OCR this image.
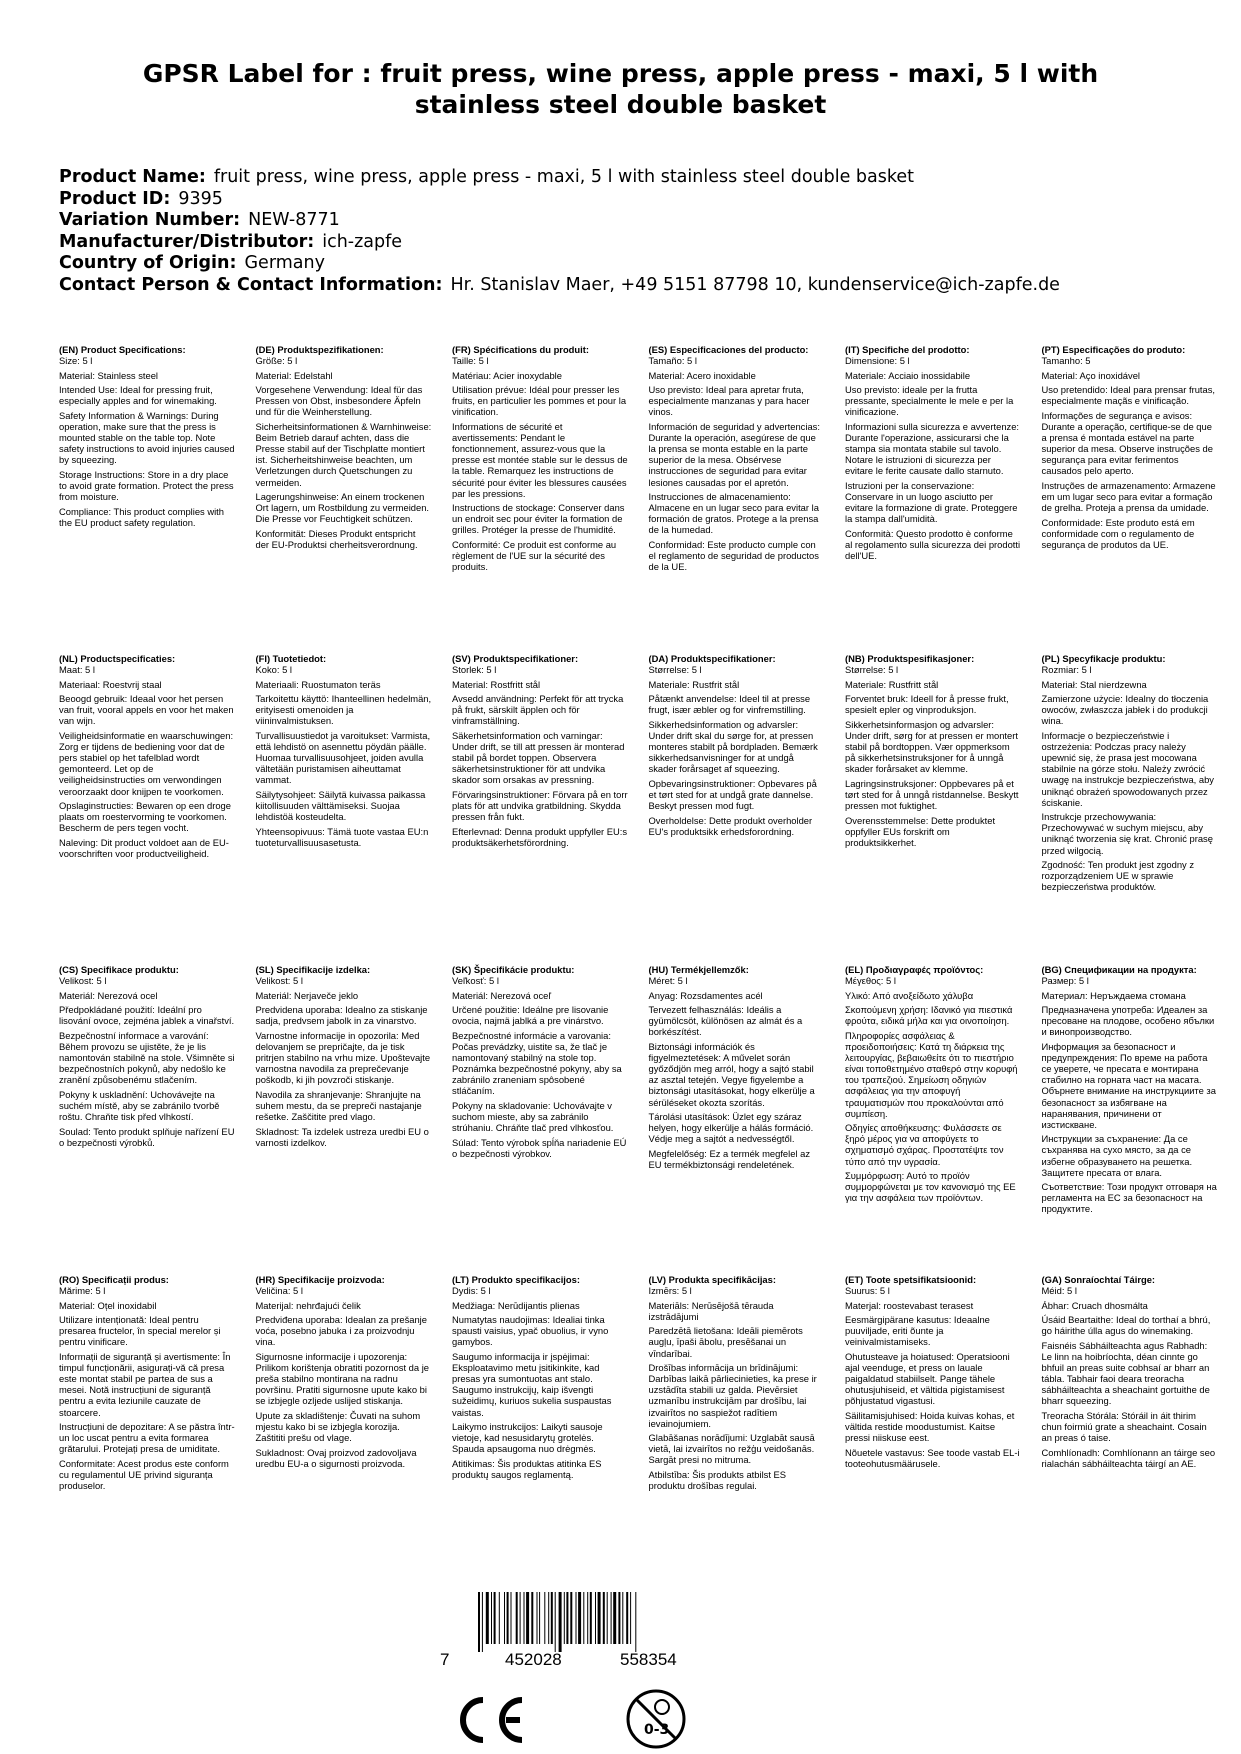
GPSR Label for : fruit press, wine press, apple press - maxi, 5 l with stainless steel double basket
Product Name: fruit press, wine press, apple press - maxi, 5 l with stainless steel double basket
Product ID: 9395
Variation Number: NEW-8771
Manufacturer/Distributor: ich-zapfe
Country of Origin: Germany
Contact Person & Contact Information: Hr. Stanislav Maer, +49 5151 87798 10, kundenservice@ich-zapfe.de
(EN) Product Specifications:

Size: 5 l

Material: Stainless steel

Intended Use: Ideal for pressing fruit, especially apples and for winemaking.

Safety Information & Warnings: During operation, make sure that the press is mounted stable on the table top. Note safety instructions to avoid injuries caused by squeezing.

Storage Instructions: Store in a dry place to avoid grate formation. Protect the press from moisture.

Compliance: This product complies with the EU product safety regulation.

(DE) Produktspezifikationen:

Größe: 5 l

Material: Edelstahl

Vorgesehene Verwendung: Ideal für das Pressen von Obst, insbesondere Äpfeln und für die Weinherstellung.

Sicherheitsinformationen & Warnhinweise: Beim Betrieb darauf achten, dass die Presse stabil auf der Tischplatte montiert ist. Sicherheitshinweise beachten, um Verletzungen durch Quetschungen zu vermeiden.

Lagerungshinweise: An einem trockenen Ort lagern, um Rostbildung zu vermeiden. Die Presse vor Feuchtigkeit schützen.

Konformität: Dieses Produkt entspricht der EU-Produktsi cherheitsverordnung.

(FR) Spécifications du produit:

Taille: 5 l

Matériau: Acier inoxydable

Utilisation prévue: Idéal pour presser les fruits, en particulier les pommes et pour la vinification.

Informations de sécurité et avertissements: Pendant le fonctionnement, assurez-vous que la presse est montée stable sur le dessus de la table. Remarquez les instructions de sécurité pour éviter les blessures causées par les pressions.

Instructions de stockage: Conserver dans un endroit sec pour éviter la formation de grilles. Protéger la presse de l'humidité.

Conformité: Ce produit est conforme au règlement de l'UE sur la sécurité des produits.

(ES) Especificaciones del producto:

Tamaño: 5 l

Material: Acero inoxidable

Uso previsto: Ideal para apretar fruta, especialmente manzanas y para hacer vinos.

Información de seguridad y advertencias: Durante la operación, asegúrese de que la prensa se monta estable en la parte superior de la mesa. Obsérvese instrucciones de seguridad para evitar lesiones causadas por el apretón.

Instrucciones de almacenamiento: Almacene en un lugar seco para evitar la formación de gratos. Protege a la prensa de la humedad.

Conformidad: Este producto cumple con el reglamento de seguridad de productos de la UE.

(IT) Specifiche del prodotto:

Dimensione: 5 l

Materiale: Acciaio inossidabile

Uso previsto: ideale per la frutta pressante, specialmente le mele e per la vinificazione.

Informazioni sulla sicurezza e avvertenze: Durante l'operazione, assicurarsi che la stampa sia montata stabile sul tavolo. Notare le istruzioni di sicurezza per evitare le ferite causate dallo starnuto.

Istruzioni per la conservazione: Conservare in un luogo asciutto per evitare la formazione di grate. Proteggere la stampa dall'umidità.

Conformità: Questo prodotto è conforme al regolamento sulla sicurezza dei prodotti dell'UE.

(PT) Especificações do produto:

Tamanho: 5

Material: Aço inoxidável

Uso pretendido: Ideal para prensar frutas, especialmente maçãs e vinificação.

Informações de segurança e avisos: Durante a operação, certifique-se de que a prensa é montada estável na parte superior da mesa. Observe instruções de segurança para evitar ferimentos causados pelo aperto.

Instruções de armazenamento: Armazene em um lugar seco para evitar a formação de grelha. Proteja a prensa da umidade.

Conformidade: Este produto está em conformidade com o regulamento de segurança de produtos da UE.

(NL) Productspecificaties:

Maat: 5 l

Materiaal: Roestvrij staal

Beoogd gebruik: Ideaal voor het persen van fruit, vooral appels en voor het maken van wijn.

Veiligheidsinformatie en waarschuwingen: Zorg er tijdens de bediening voor dat de pers stabiel op het tafelblad wordt gemonteerd. Let op de veiligheidsinstructies om verwondingen veroorzaakt door knijpen te voorkomen.

Opslaginstructies: Bewaren op een droge plaats om roestervorming te voorkomen. Bescherm de pers tegen vocht.

Naleving: Dit product voldoet aan de EU-voorschriften voor productveiligheid.

(FI) Tuotetiedot:

Koko: 5 l

Materiaali: Ruostumaton teräs

Tarkoitettu käyttö: Ihanteellinen hedelmän, erityisesti omenoiden ja viininvalmistuksen.

Turvallisuustiedot ja varoitukset: Varmista, että lehdistö on asennettu pöydän päälle. Huomaa turvallisuusohjeet, joiden avulla vältetään puristamisen aiheuttamat vammat.

Säilytysohjeet: Säilytä kuivassa paikassa kiitollisuuden välttämiseksi. Suojaa lehdistöä kosteudelta.

Yhteensopivuus: Tämä tuote vastaa EU:n tuoteturvallisuusasetusta.

(SV) Produktspecifikationer:

Storlek: 5 l

Material: Rostfritt stål

Avsedd användning: Perfekt för att trycka på frukt, särskilt äpplen och för vinframställning.

Säkerhetsinformation och varningar: Under drift, se till att pressen är monterad stabil på bordet toppen. Observera säkerhetsinstruktioner för att undvika skador som orsakas av pressning.

Förvaringsinstruktioner: Förvara på en torr plats för att undvika gratbildning. Skydda pressen från fukt.

Efterlevnad: Denna produkt uppfyller EU:s produktsäkerhetsförordning.

(DA) Produktspecifikationer:

Størrelse: 5 l

Materiale: Rustfrit stål

Påtænkt anvendelse: Ideel til at presse frugt, især æbler og for vinfremstilling.

Sikkerhedsinformation og advarsler: Under drift skal du sørge for, at pressen monteres stabilt på bordpladen. Bemærk sikkerhedsanvisninger for at undgå skader forårsaget af squeezing.

Opbevaringsinstruktioner: Opbevares på et tørt sted for at undgå grate dannelse. Beskyt pressen mod fugt.

Overholdelse: Dette produkt overholder EU's produktsikk erhedsforordning.

(NB) Produktspesifikasjoner:

Størrelse: 5 l

Materiale: Rustfritt stål

Forventet bruk: Ideell for å presse frukt, spesielt epler og vinproduksjon.

Sikkerhetsinformasjon og advarsler: Under drift, sørg for at pressen er montert stabil på bordtoppen. Vær oppmerksom på sikkerhetsinstruksjoner for å unngå skader forårsaket av klemme.

Lagringsinstruksjoner: Oppbevares på et tørt sted for å unngå ristdannelse. Beskytt pressen mot fuktighet.

Overensstemmelse: Dette produktet oppfyller EUs forskrift om produktsikkerhet.

(PL) Specyfikacje produktu:

Rozmiar: 5 l

Materiał: Stal nierdzewna

Zamierzone użycie: Idealny do tłoczenia owoców, zwłaszcza jabłek i do produkcji wina.

Informacje o bezpieczeństwie i ostrzeżenia: Podczas pracy należy upewnić się, że prasa jest mocowana stabilnie na górze stołu. Należy zwrócić uwagę na instrukcje bezpieczeństwa, aby uniknąć obrażeń spowodowanych przez ściskanie.

Instrukcje przechowywania: Przechowywać w suchym miejscu, aby uniknąć tworzenia się krat. Chronić prasę przed wilgocią.

Zgodność: Ten produkt jest zgodny z rozporządzeniem UE w sprawie bezpieczeństwa produktów.

(CS) Specifikace produktu:

Velikost: 5 l

Materiál: Nerezová ocel

Předpokládané použití: Ideální pro lisování ovoce, zejména jablek a vinařství.

Bezpečnostní informace a varování: Během provozu se ujistěte, že je lis namontován stabilně na stole. Všimněte si bezpečnostních pokynů, aby nedošlo ke zranění způsobenému stlačením.

Pokyny k uskladnění: Uchovávejte na suchém místě, aby se zabránilo tvorbě roštu. Chraňte tisk před vlhkostí.

Soulad: Tento produkt splňuje nařízení EU o bezpečnosti výrobků.

(SL) Specifikacije izdelka:

Velikost: 5 l

Materiál: Nerjaveče jeklo

Predvidena uporaba: Idealno za stiskanje sadja, predvsem jabolk in za vinarstvo.

Varnostne informacije in opozorila: Med delovanjem se prepričajte, da je tisk pritrjen stabilno na vrhu mize. Upoštevajte varnostna navodila za preprečevanje poškodb, ki jih povzroči stiskanje.

Navodila za shranjevanje: Shranjujte na suhem mestu, da se prepreči nastajanje rešetke. Zaščitite pred vlago.

Skladnost: Ta izdelek ustreza uredbi EU o varnosti izdelkov.

(SK) Špecifikácie produktu:

Veľkosť: 5 l

Materiál: Nerezová oceľ

Určené použitie: Ideálne pre lisovanie ovocia, najmä jablká a pre vinárstvo.

Bezpečnostné informácie a varovania: Počas prevádzky, uistite sa, že tlač je namontovaný stabilný na stole top. Poznámka bezpečnostné pokyny, aby sa zabránilo zraneniam spôsobené stláčaním.

Pokyny na skladovanie: Uchovávajte v suchom mieste, aby sa zabránilo strúhaniu. Chráňte tlač pred vlhkosťou.

Súlad: Tento výrobok spĺňa nariadenie EÚ o bezpečnosti výrobkov.

(HU) Termékjellemzők:

Méret: 5 l

Anyag: Rozsdamentes acél

Tervezett felhasználás: Ideális a gyümölcsöt, különösen az almát és a borkészítést.

Biztonsági információk és figyelmeztetések: A művelet során győződjön meg arról, hogy a sajtó stabil az asztal tetején. Vegye figyelembe a biztonsági utasításokat, hogy elkerülje a sérüléseket okozta szorítás.

Tárolási utasítások: Üzlet egy száraz helyen, hogy elkerülje a hálás formáció. Védje meg a sajtót a nedvességtől.

Megfelelőség: Ez a termék megfelel az EU termékbiztonsági rendeletének.

(EL) Προδιαγραφές προϊόντος:

Μέγεθος: 5 l

Υλικό: Από ανοξείδωτο χάλυβα

Σκοπούμενη χρήση: Ιδανικό για πιεστικά φρούτα, ειδικά μήλα και για οινοποίηση.

Πληροφορίες ασφάλειας & προειδοποιήσεις: Κατά τη διάρκεια της λειτουργίας, βεβαιωθείτε ότι το πιεστήριο είναι τοποθετημένο σταθερό στην κορυφή του τραπεζιού. Σημείωση οδηγιών ασφάλειας για την αποφυγή τραυματισμών που προκαλούνται από συμπίεση.

Οδηγίες αποθήκευσης: Φυλάσσετε σε ξηρό μέρος για να αποφύγετε το σχηματισμό σχάρας. Προστατέψτε τον τύπο από την υγρασία.

Συμμόρφωση: Αυτό το προϊόν συμμορφώνεται με τον κανονισμό της ΕΕ για την ασφάλεια των προϊόντων.

(BG) Спецификации на продукта:

Размер: 5 l

Материал: Неръждаема стомана

Предназначена употреба: Идеален за пресоване на плодове, особено ябълки и винопроизводство.

Информация за безопасност и предупреждения: По време на работа се уверете, че пресата е монтирана стабилно на горната част на масата. Обърнете внимание на инструкциите за безопасност за избягване на наранявания, причинени от изстискване.

Инструкции за съхранение: Да се съхранява на сухо място, за да се избегне образуването на решетка. Защитете пресата от влага.

Съответствие: Този продукт отговаря на регламента на ЕС за безопасност на продуктите.

(RO) Specificații produs:

Mărime: 5 l

Material: Oțel inoxidabil

Utilizare intenționată: Ideal pentru presarea fructelor, în special merelor și pentru vinificare.

Informații de siguranță și avertismente: În timpul funcționării, asigurați-vă că presa este montat stabil pe partea de sus a mesei. Notă instrucțiuni de siguranță pentru a evita leziunile cauzate de stoarcere.

Instrucțiuni de depozitare: A se păstra într-un loc uscat pentru a evita formarea grătarului. Protejați presa de umiditate.

Conformitate: Acest produs este conform cu regulamentul UE privind siguranța produselor.

(HR) Specifikacije proizvoda:

Veličina: 5 l

Materijal: nehrđajući čelik

Predviđena uporaba: Idealan za prešanje voća, posebno jabuka i za proizvodnju vina.

Sigurnosne informacije i upozorenja: Prilikom korištenja obratiti pozornost da je preša stabilno montirana na radnu površinu. Pratiti sigurnosne upute kako bi se izbjegle ozljede uslijed stiskanja.

Upute za skladištenje: Čuvati na suhom mjestu kako bi se izbjegla korozija. Zaštititi prešu od vlage.

Sukladnost: Ovaj proizvod zadovoljava uredbu EU-a o sigurnosti proizvoda.

(LT) Produkto specifikacijos:

Dydis: 5 l

Medžiaga: Nerūdijantis plienas

Numatytas naudojimas: Idealiai tinka spausti vaisius, ypač obuolius, ir vyno gamybos.

Saugumo informacija ir įspėjimai: Eksploatavimo metu įsitikinkite, kad presas yra sumontuotas ant stalo. Saugumo instrukcijų, kaip išvengti sužeidimų, kuriuos sukelia suspaustas vaistas.

Laikymo instrukcijos: Laikyti sausoje vietoje, kad nesusidarytų grotelės. Spauda apsaugoma nuo drėgmės.

Atitikimas: Šis produktas atitinka ES produktų saugos reglamentą.

(LV) Produkta specifikācijas:

Izmērs: 5 l

Materiāls: Nerūsējošā tērauda izstrādājumi

Paredzētā lietošana: Ideāli piemērots augļu, īpaši ābolu, presēšanai un vīndarībai.

Drošības informācija un brīdinājumi: Darbības laikā pārliecinieties, ka prese ir uzstādīta stabili uz galda. Pievērsiet uzmanību instrukcijām par drošību, lai izvairītos no saspiežot radītiem ievainojumiem.

Glabāšanas norādījumi: Uzglabāt sausā vietā, lai izvairītos no režģu veidošanās. Sargāt presi no mitruma.

Atbilstība: Šis produkts atbilst ES produktu drošības regulai.

(ET) Toote spetsifikatsioonid:

Suurus: 5 l

Materjal: roostevabast terasest

Eesmärgipärane kasutus: Ideaalne puuviljade, eriti õunte ja veinivalmistamiseks.

Ohutusteave ja hoiatused: Operatsiooni ajal veenduge, et press on lauale paigaldatud stabiilselt. Pange tähele ohutusjuhiseid, et vältida pigistamisest põhjustatud vigastusi.

Säilitamisjuhised: Hoida kuivas kohas, et vältida restide moodustumist. Kaitse pressi niiskuse eest.

Nõuetele vastavus: See toode vastab EL-i tooteohutusmäärusele.

(GA) Sonraíochtaí Táirge:

Méid: 5 l

Ábhar: Cruach dhosmálta

Úsáid Beartaithe: Ideal do torthaí a bhrú, go háirithe úlla agus do winemaking.

Faisnéis Sábháilteachta agus Rabhadh: Le linn na hoibríochta, déan cinnte go bhfuil an preas suite cobhsaí ar bharr an tábla. Tabhair faoi deara treoracha sábháilteachta a sheachaint gortuithe de bharr squeezing.

Treoracha Stórála: Stóráil in áit thirim chun foirmiú grate a sheachaint. Cosain an preas ó taise.

Comhlíonadh: Comhlíonann an táirge seo rialachán sábháilteachta táirgí an AE.

7	452028	558354
0-3
